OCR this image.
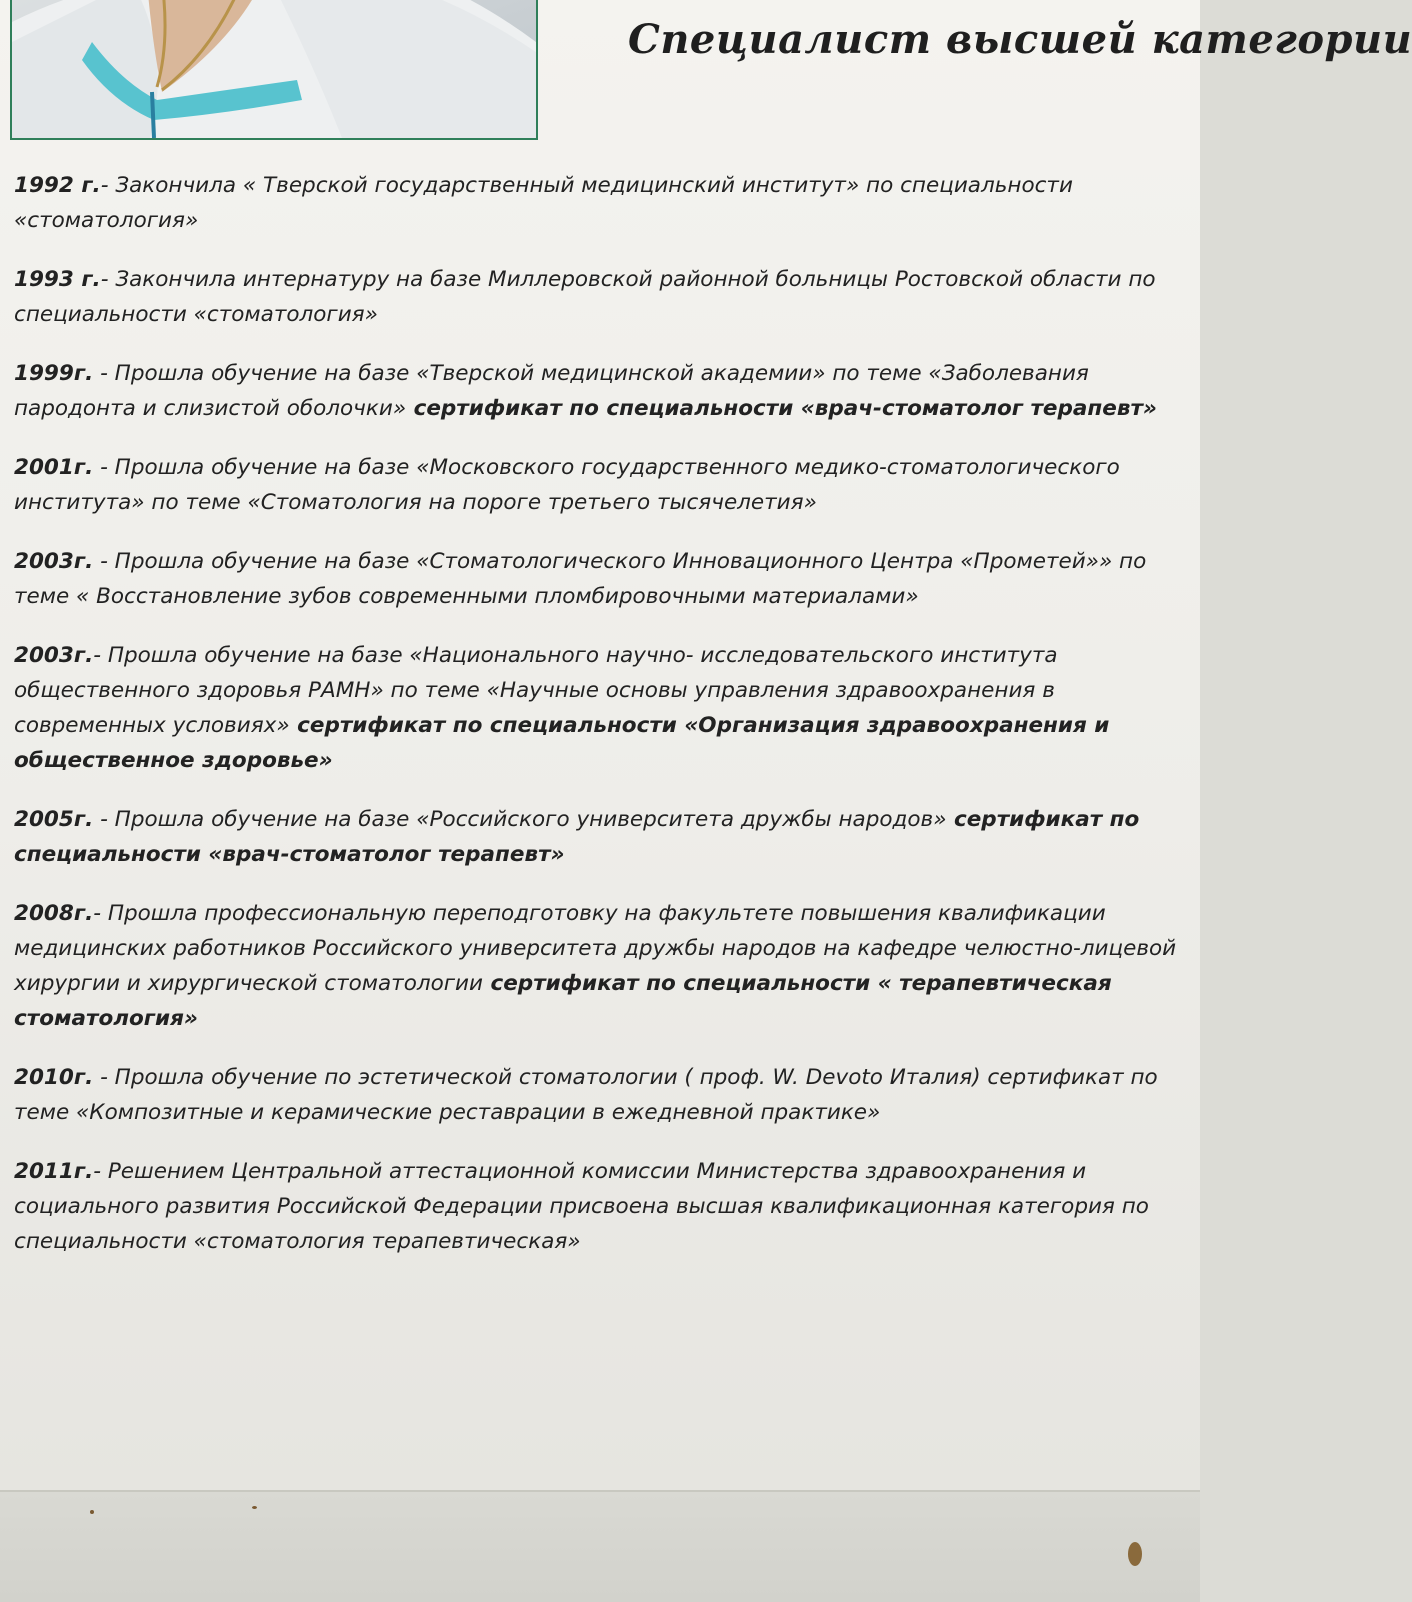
Специалист высшей категории

1992 г.- Закончила « Тверской государственный медицинский институт» по специальности «стоматология»

1993 г.- Закончила интернатуру на базе Миллеровской районной больницы Ростовской области по специальности «стоматология»

1999г. - Прошла обучение на базе «Тверской медицинской академии» по теме «Заболевания пародонта и слизистой оболочки» сертификат по специальности «врач-стоматолог терапевт»

2001г. - Прошла обучение на базе «Московского государственного медико-стоматологического института» по теме «Стоматология на пороге третьего тысячелетия»

2003г. - Прошла обучение на базе «Стоматологического Инновационного Центра «Прометей»» по теме « Восстановление зубов современными пломбировочными материалами»

2003г.- Прошла обучение на базе «Национального научно- исследовательского института общественного здоровья РАМН» по теме «Научные основы управления здравоохранения в современных условиях» сертификат по специальности «Организация здравоохранения и общественное здоровье»

2005г. - Прошла обучение на базе «Российского университета дружбы народов» сертификат по специальности «врач-стоматолог терапевт»

2008г.- Прошла профессиональную переподготовку на факультете повышения квалификации медицинских работников Российского университета дружбы народов на кафедре челюстно-лицевой хирургии и хирургической стоматологии сертификат по специальности « терапевтическая стоматология»

2010г. - Прошла обучение по эстетической стоматологии ( проф. W. Devoto Италия) сертификат по теме «Композитные и керамические реставрации в ежедневной практике»

2011г.- Решением Центральной аттестационной комиссии Министерства здравоохранения и социального развития Российской Федерации присвоена высшая квалификационная категория по специальности «стоматология терапевтическая»
